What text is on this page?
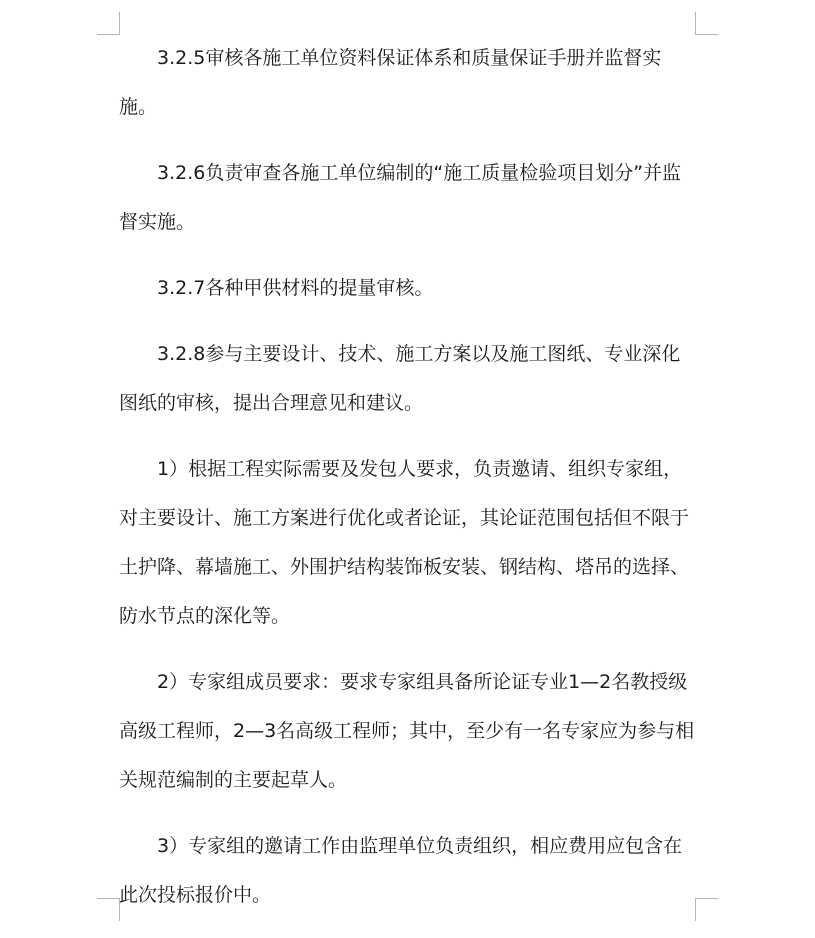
3.2.5审核各施工单位资料保证体系和质量保证手册并监督实施。

3.2.6负责审查各施工单位编制的“施工质量检验项目划分”并监督实施。

3.2.7各种甲供材料的提量审核。

3.2.8参与主要设计、技术、施工方案以及施工图纸、专业深化图纸的审核，提出合理意见和建议。

1）根据工程实际需要及发包人要求，负责邀请、组织专家组，对主要设计、施工方案进行优化或者论证，其论证范围包括但不限于土护降、幕墙施工、外围护结构装饰板安装、钢结构、塔吊的选择、防水节点的深化等。

2）专家组成员要求：要求专家组具备所论证专业1—2名教授级高级工程师，2—3名高级工程师；其中，至少有一名专家应为参与相关规范编制的主要起草人。

3）专家组的邀请工作由监理单位负责组织，相应费用应包含在此次投标报价中。
